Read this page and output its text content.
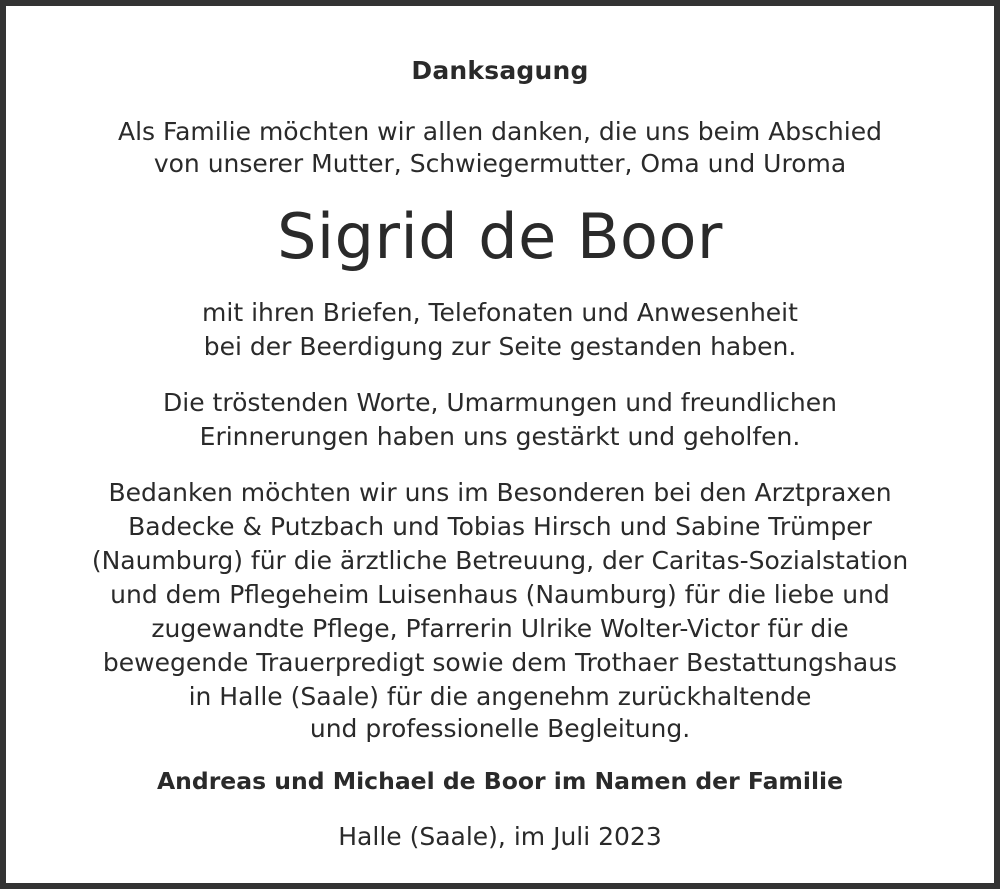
Danksagung
Als Familie möchten wir allen danken, die uns beim Abschied
von unserer Mutter, Schwiegermutter, Oma und Uroma
Sigrid de Boor
mit ihren Briefen, Telefonaten und Anwesenheit
bei der Beerdigung zur Seite gestanden haben.
Die tröstenden Worte, Umarmungen und freundlichen
Erinnerungen haben uns gestärkt und geholfen.
Bedanken möchten wir uns im Besonderen bei den Arztpraxen
Badecke & Putzbach und Tobias Hirsch und Sabine Trümper
(Naumburg) für die ärztliche Betreuung, der Caritas-Sozialstation
und dem Pflegeheim Luisenhaus (Naumburg) für die liebe und
zugewandte Pflege, Pfarrerin Ulrike Wolter-Victor für die
bewegende Trauerpredigt sowie dem Trothaer Bestattungshaus
in Halle (Saale) für die angenehm zurückhaltende
und professionelle Begleitung.
Andreas und Michael de Boor im Namen der Familie
Halle (Saale), im Juli 2023
